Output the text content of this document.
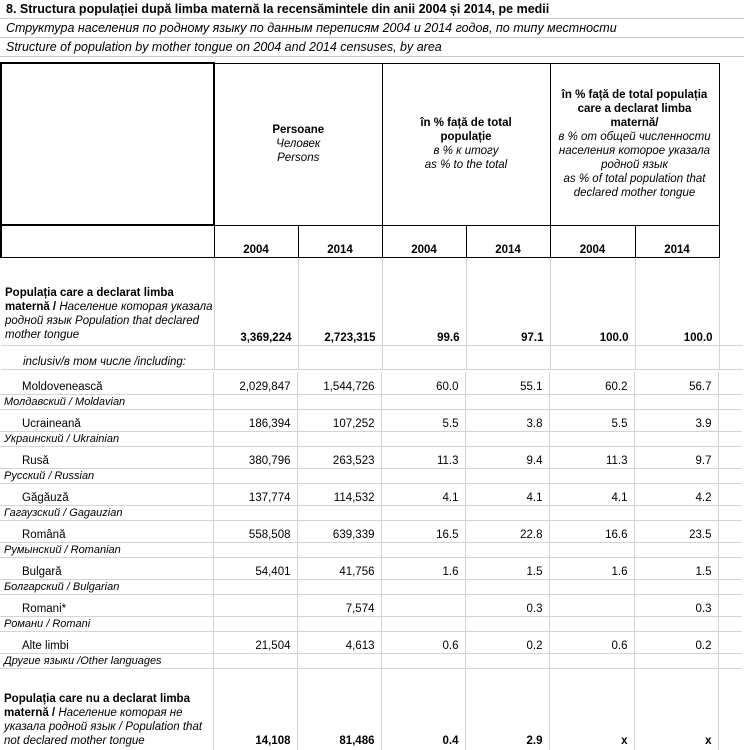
8. Structura populației după limba maternă la recensămintele din anii 2004 și 2014, pe medii
Структура населения по родному языку по данным переписям 2004 и 2014 годов, по типу местности
Structure of population by mother tongue on 2004 and 2014 censuses, by area

	Persoane
Человек
Persons		în % față de total populație
в % к итогу
as % to the total		în % față de total populația care a declarat limba maternă/
в % от общей численности населения которое указала родной язык
as % of total population that declared mother tongue		

	2004	2014	2004	2014	2004	2014	
Populația care a declarat limba maternă / Население которая указала родной язык Population that declared mother tongue	3,369,224	2,723,315	99.6	97.1	100.0	100.0	
inclusiv/в том числе /including:							
Moldovenească	2,029,847	1,544,726	60.0	55.1	60.2	56.7	
Молдавский / Moldavian							
Ucraineană	186,394	107,252	5.5	3.8	5.5	3.9	
Украинский / Ukrainian							
Rusă	380,796	263,523	11.3	9.4	11.3	9.7	
Русский / Russian							
Găgăuză	137,774	114,532	4.1	4.1	4.1	4.2	
Гагаузский / Gagauzian							
Română	558,508	639,339	16.5	22.8	16.6	23.5	
Румынский / Romanian							
Bulgară	54,401	41,756	1.6	1.5	1.6	1.5	
Болгарский / Bulgarian							
Romani*		7,574		0.3		0.3	
Романи / Romani							
Alte limbi	21,504	4,613	0.6	0.2	0.6	0.2	
Другие языки /Other languages							
Populația care nu a declarat limba maternă / Население которая не указала родной язык / Population that not declared mother tongue	14,108	81,486	0.4	2.9	x	x	
